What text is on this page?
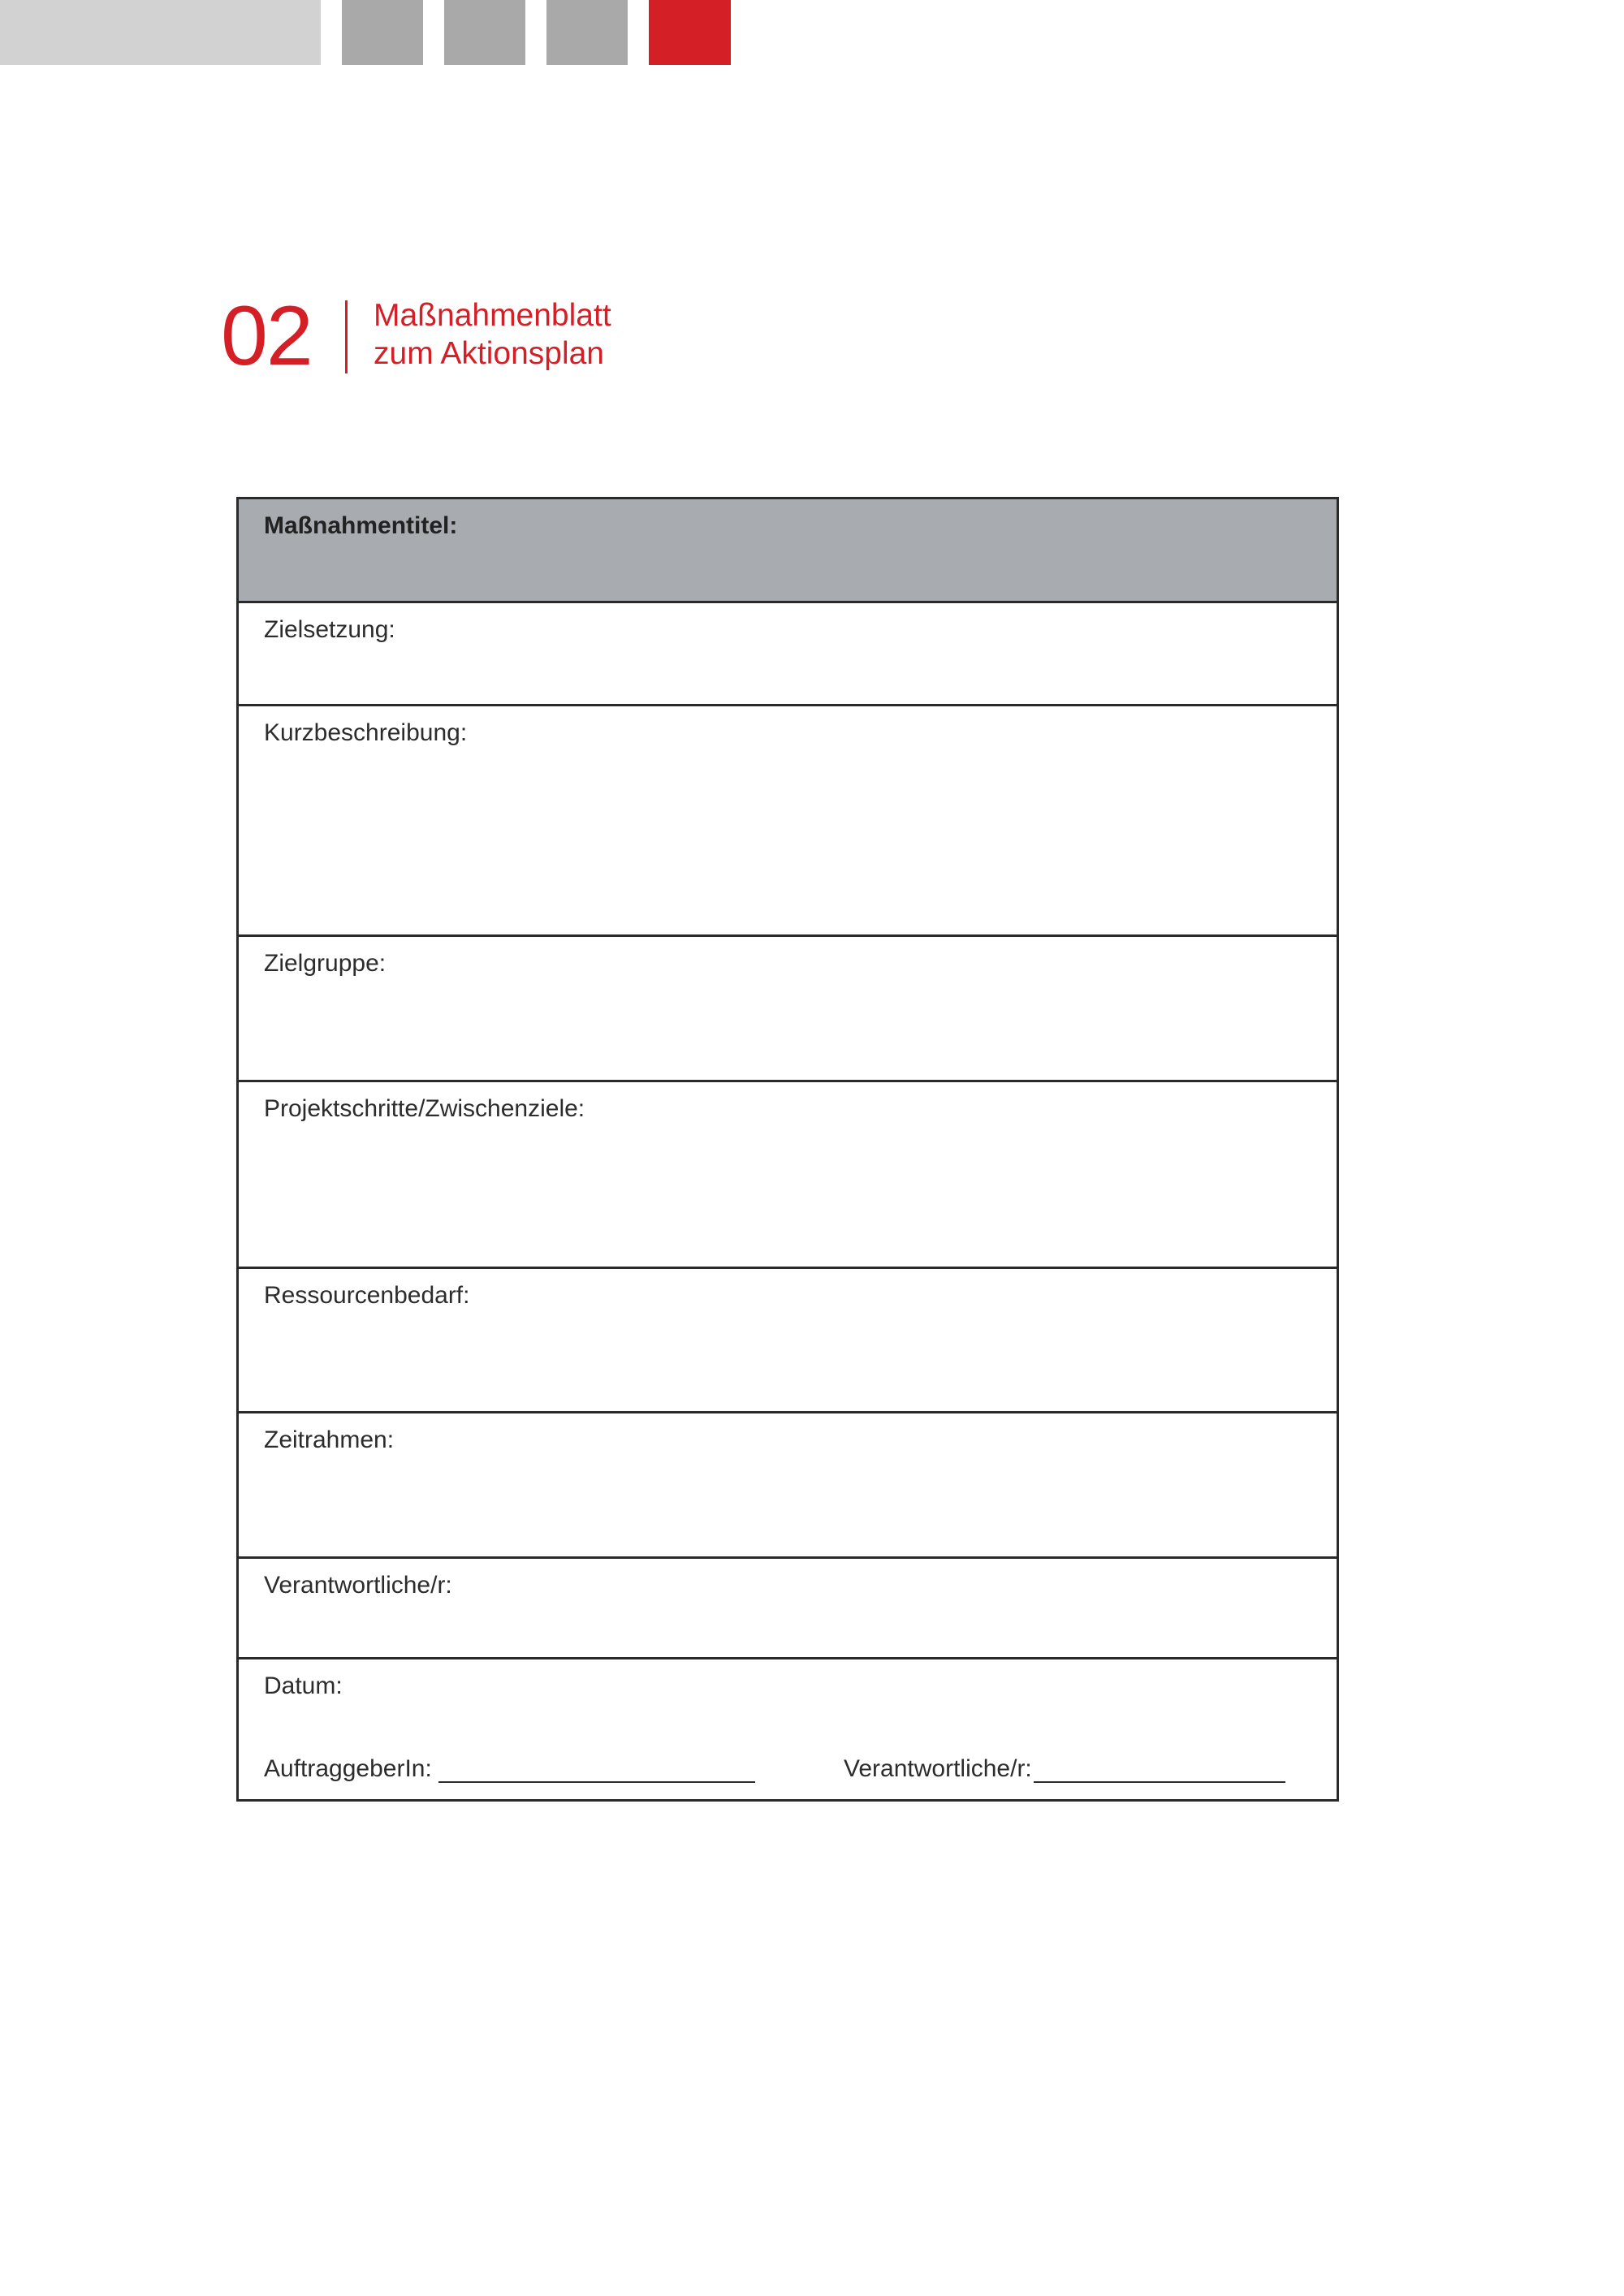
02 Maßnahmenblatt
zum Aktionsplan
Maßnahmentitel:
Zielsetzung:
Kurzbeschreibung:
Zielgruppe:
Projektschritte/Zwischenziele:
Ressourcenbedarf:
Zeitrahmen:
Verantwortliche/r:
Datum:
AuftraggeberIn:	Verantwortliche/r:
